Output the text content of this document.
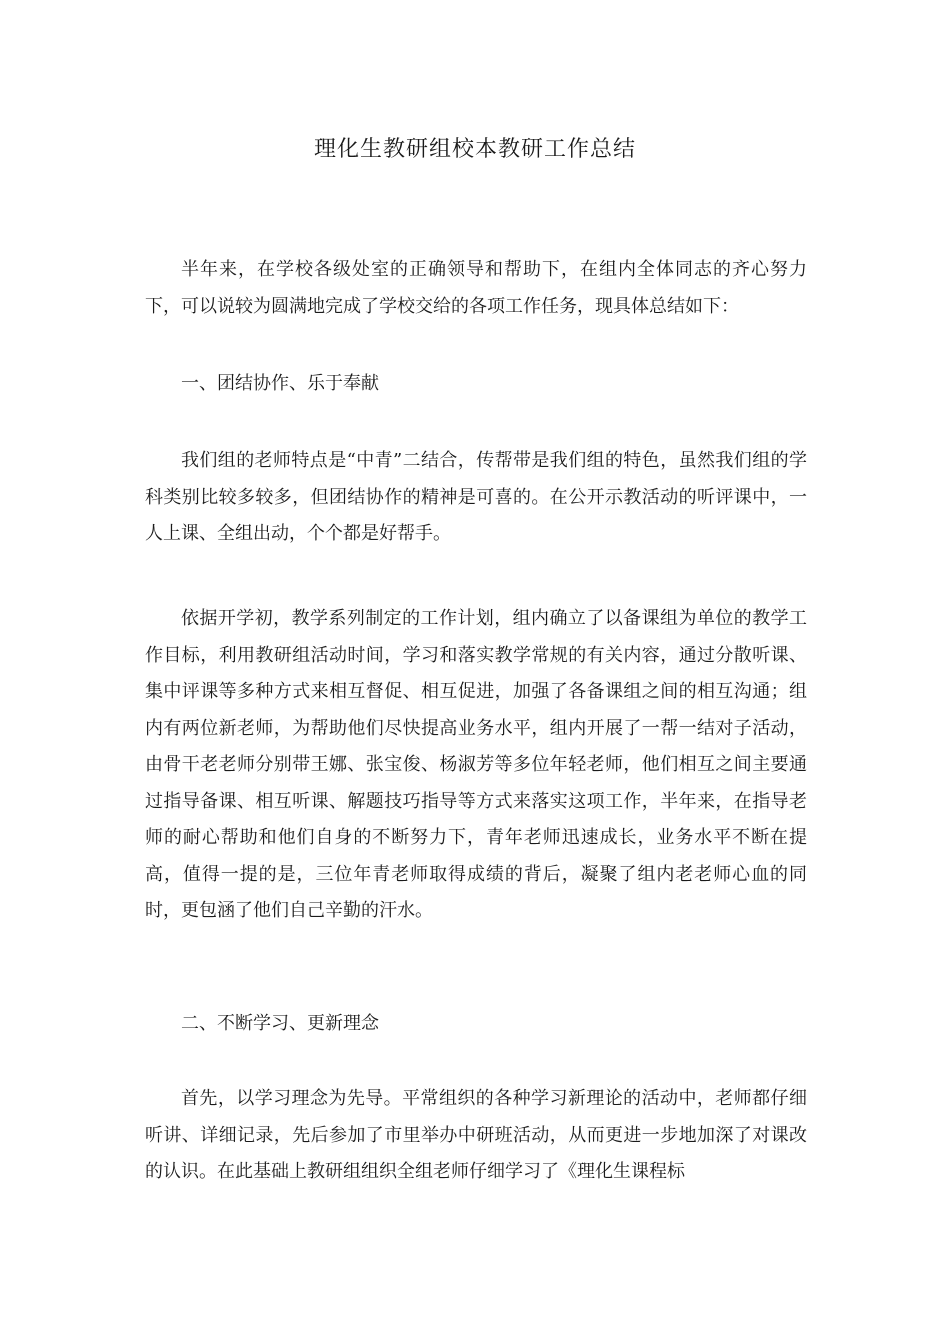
理化生教研组校本教研工作总结

半年来，在学校各级处室的正确领导和帮助下，在组内全体同志的齐心努力下，可以说较为圆满地完成了学校交给的各项工作任务，现具体总结如下：

一、团结协作、乐于奉献

我们组的老师特点是“中青”二结合，传帮带是我们组的特色，虽然我们组的学科类别比较多较多，但团结协作的精神是可喜的。在公开示教活动的听评课中，一人上课、全组出动，个个都是好帮手。

依据开学初，教学系列制定的工作计划，组内确立了以备课组为单位的教学工作目标，利用教研组活动时间，学习和落实教学常规的有关内容，通过分散听课、集中评课等多种方式来相互督促、相互促进，加强了各备课组之间的相互沟通；组内有两位新老师，为帮助他们尽快提高业务水平，组内开展了一帮一结对子活动，由骨干老老师分别带王娜、张宝俊、杨淑芳等多位年轻老师，他们相互之间主要通过指导备课、相互听课、解题技巧指导等方式来落实这项工作，半年来，在指导老师的耐心帮助和他们自身的不断努力下，青年老师迅速成长，业务水平不断在提高，值得一提的是，三位年青老师取得成绩的背后，凝聚了组内老老师心血的同时，更包涵了他们自己辛勤的汗水。

二、不断学习、更新理念

首先，以学习理念为先导。平常组织的各种学习新理论的活动中，老师都仔细听讲、详细记录，先后参加了市里举办中研班活动，从而更进一步地加深了对课改的认识。在此基础上教研组组织全组老师仔细学习了《理化生课程标
